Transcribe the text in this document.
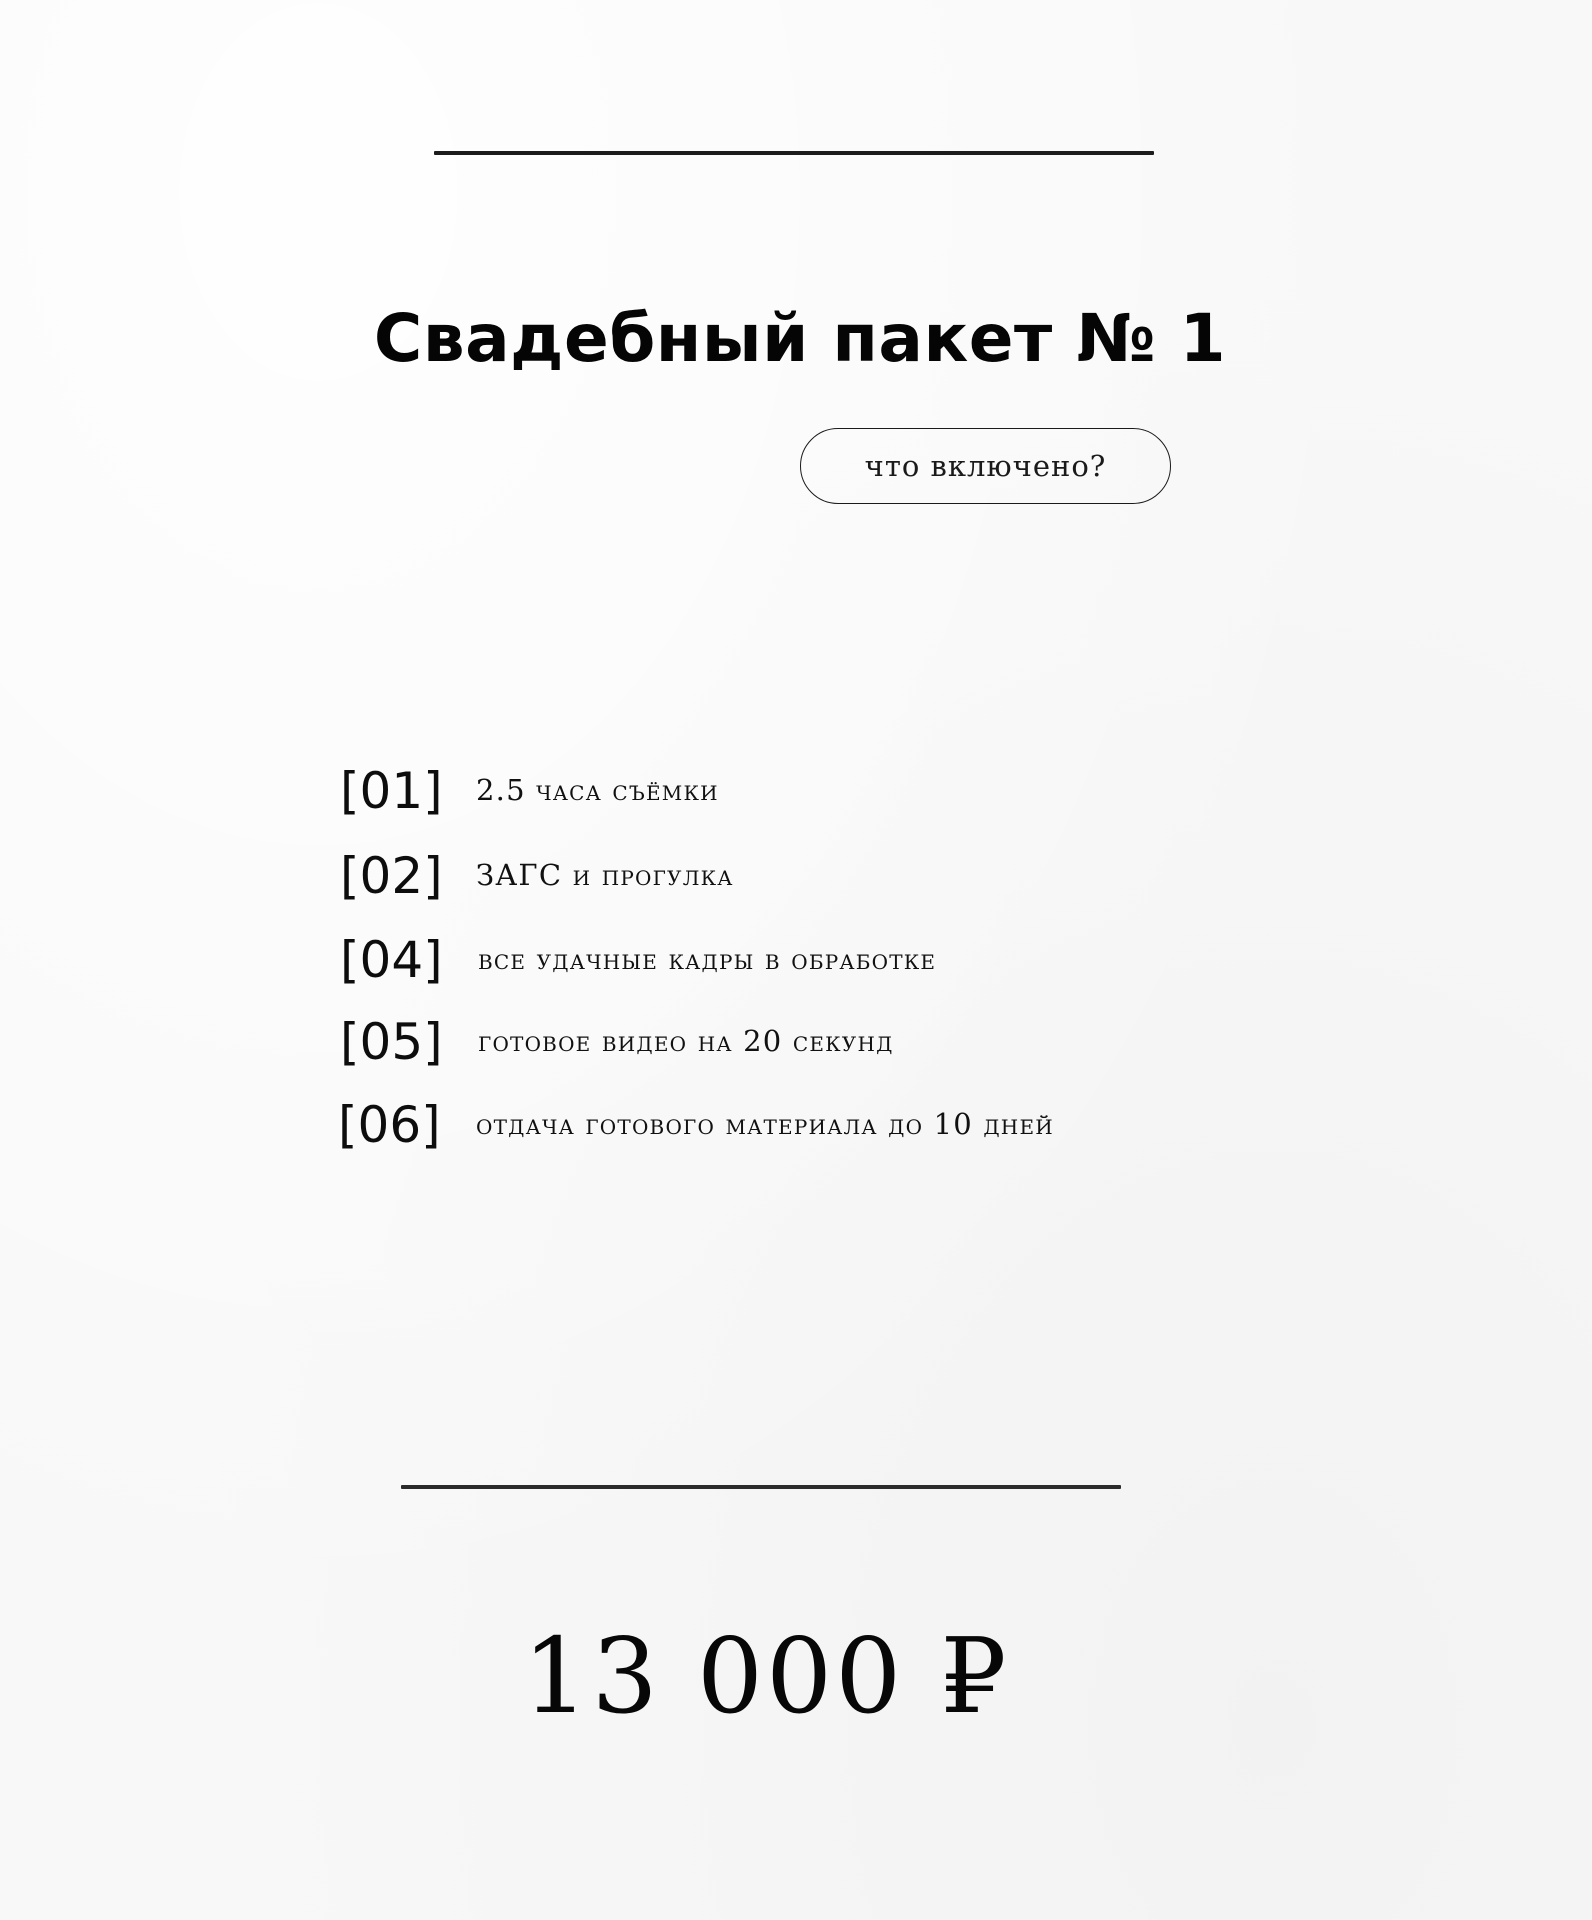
Свадебный пакет № 1
что включено?
[01] 2.5 часа съёмки
[02] ЗАГС и прогулка
[04] все удачные кадры в обработке
[05] готовое видео на 20 секунд
[06] отдача готового материала до 10 дней
13 000 ₽
